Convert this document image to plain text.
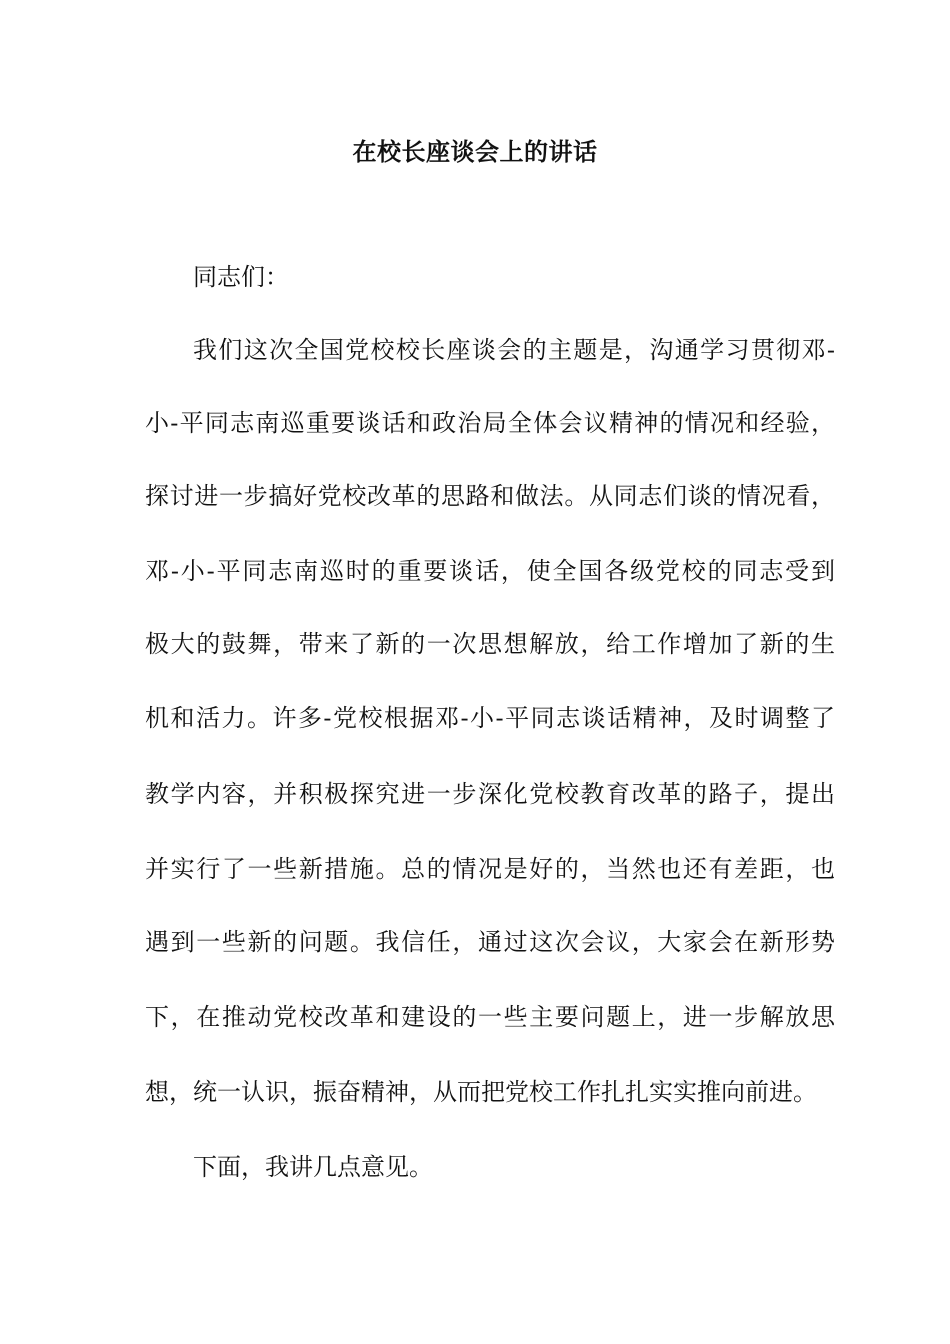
在校长座谈会上的讲话
同志们：
我们这次全国党校校长座谈会的主题是，沟通学习贯彻邓-
小-平同志南巡重要谈话和政治局全体会议精神的情况和经验，
探讨进一步搞好党校改革的思路和做法。从同志们谈的情况看，
邓-小-平同志南巡时的重要谈话，使全国各级党校的同志受到
极大的鼓舞，带来了新的一次思想解放，给工作增加了新的生
机和活力。许多-党校根据邓-小-平同志谈话精神，及时调整了
教学内容，并积极探究进一步深化党校教育改革的路子，提出
并实行了一些新措施。总的情况是好的，当然也还有差距，也
遇到一些新的问题。我信任，通过这次会议，大家会在新形势
下，在推动党校改革和建设的一些主要问题上，进一步解放思
想，统一认识，振奋精神，从而把党校工作扎扎实实推向前进。
下面，我讲几点意见。
